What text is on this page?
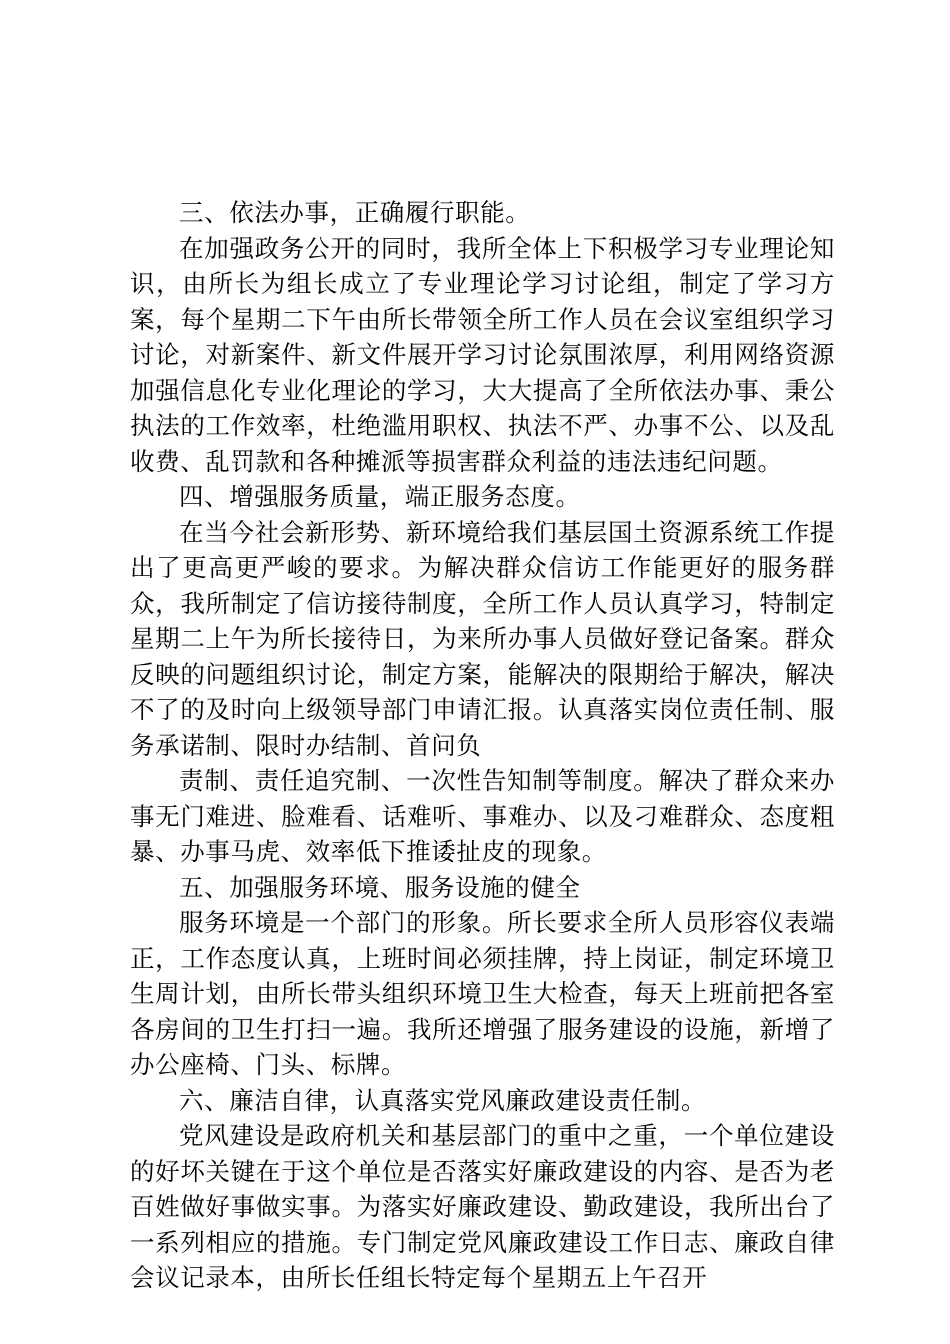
三、依法办事，正确履行职能。

在加强政务公开的同时，我所全体上下积极学习专业理论知识，由所长为组长成立了专业理论学习讨论组，制定了学习方案，每个星期二下午由所长带领全所工作人员在会议室组织学习讨论，对新案件、新文件展开学习讨论氛围浓厚，利用网络资源加强信息化专业化理论的学习，大大提高了全所依法办事、秉公执法的工作效率，杜绝滥用职权、执法不严、办事不公、以及乱收费、乱罚款和各种摊派等损害群众利益的违法违纪问题。

四、增强服务质量，端正服务态度。

在当今社会新形势、新环境给我们基层国土资源系统工作提出了更高更严峻的要求。为解决群众信访工作能更好的服务群众，我所制定了信访接待制度，全所工作人员认真学习，特制定星期二上午为所长接待日，为来所办事人员做好登记备案。群众反映的问题组织讨论，制定方案，能解决的限期给于解决，解决不了的及时向上级领导部门申请汇报。认真落实岗位责任制、服务承诺制、限时办结制、首问负

责制、责任追究制、一次性告知制等制度。解决了群众来办事无门难进、脸难看、话难听、事难办、以及刁难群众、态度粗暴、办事马虎、效率低下推诿扯皮的现象。

五、加强服务环境、服务设施的健全

服务环境是一个部门的形象。所长要求全所人员形容仪表端正，工作态度认真，上班时间必须挂牌，持上岗证，制定环境卫生周计划，由所长带头组织环境卫生大检查，每天上班前把各室各房间的卫生打扫一遍。我所还增强了服务建设的设施，新增了办公座椅、门头、标牌。

六、廉洁自律，认真落实党风廉政建设责任制。

党风建设是政府机关和基层部门的重中之重，一个单位建设的好坏关键在于这个单位是否落实好廉政建设的内容、是否为老百姓做好事做实事。为落实好廉政建设、勤政建设，我所出台了一系列相应的措施。专门制定党风廉政建设工作日志、廉政自律会议记录本，由所长任组长特定每个星期五上午召开
